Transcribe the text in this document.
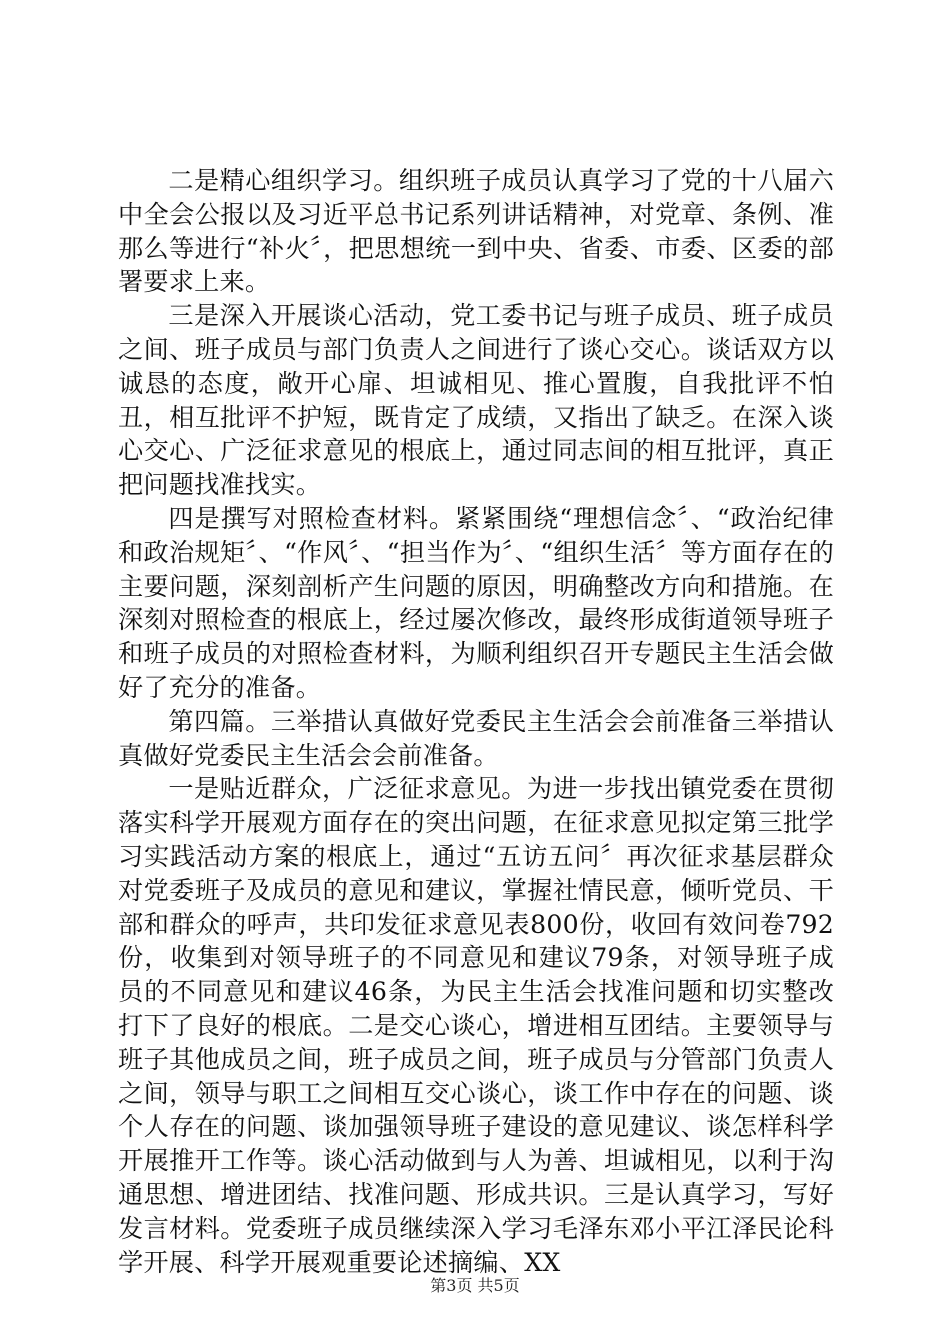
二是精心组织学习。组织班子成员认真学习了党的十八届六中全会公报以及习近平总书记系列讲话精神，对党章、条例、准那么等进行“补火〞，把思想统一到中央、省委、市委、区委的部署要求上来。

三是深入开展谈心活动，党工委书记与班子成员、班子成员之间、班子成员与部门负责人之间进行了谈心交心。谈话双方以诚恳的态度，敞开心扉、坦诚相见、推心置腹，自我批评不怕丑，相互批评不护短，既肯定了成绩，又指出了缺乏。在深入谈心交心、广泛征求意见的根底上，通过同志间的相互批评，真正把问题找准找实。

四是撰写对照检查材料。紧紧围绕“理想信念〞、“政治纪律和政治规矩〞、“作风〞、“担当作为〞、“组织生活〞等方面存在的主要问题，深刻剖析产生问题的原因，明确整改方向和措施。在深刻对照检查的根底上，经过屡次修改，最终形成街道领导班子和班子成员的对照检查材料，为顺利组织召开专题民主生活会做好了充分的准备。

第四篇。三举措认真做好党委民主生活会会前准备三举措认真做好党委民主生活会会前准备。

一是贴近群众，广泛征求意见。为进一步找出镇党委在贯彻落实科学开展观方面存在的突出问题，在征求意见拟定第三批学习实践活动方案的根底上，通过“五访五问〞再次征求基层群众对党委班子及成员的意见和建议，掌握社情民意，倾听党员、干部和群众的呼声，共印发征求意见表800份，收回有效问卷792份，收集到对领导班子的不同意见和建议79条，对领导班子成员的不同意见和建议46条，为民主生活会找准问题和切实整改打下了良好的根底。二是交心谈心，增进相互团结。主要领导与班子其他成员之间，班子成员之间，班子成员与分管部门负责人之间，领导与职工之间相互交心谈心，谈工作中存在的问题、谈个人存在的问题、谈加强领导班子建设的意见建议、谈怎样科学开展推开工作等。谈心活动做到与人为善、坦诚相见，以利于沟通思想、增进团结、找准问题、形成共识。三是认真学习，写好发言材料。党委班子成员继续深入学习毛泽东邓小平江泽民论科学开展、科学开展观重要论述摘编、XX

第3页 共5页
